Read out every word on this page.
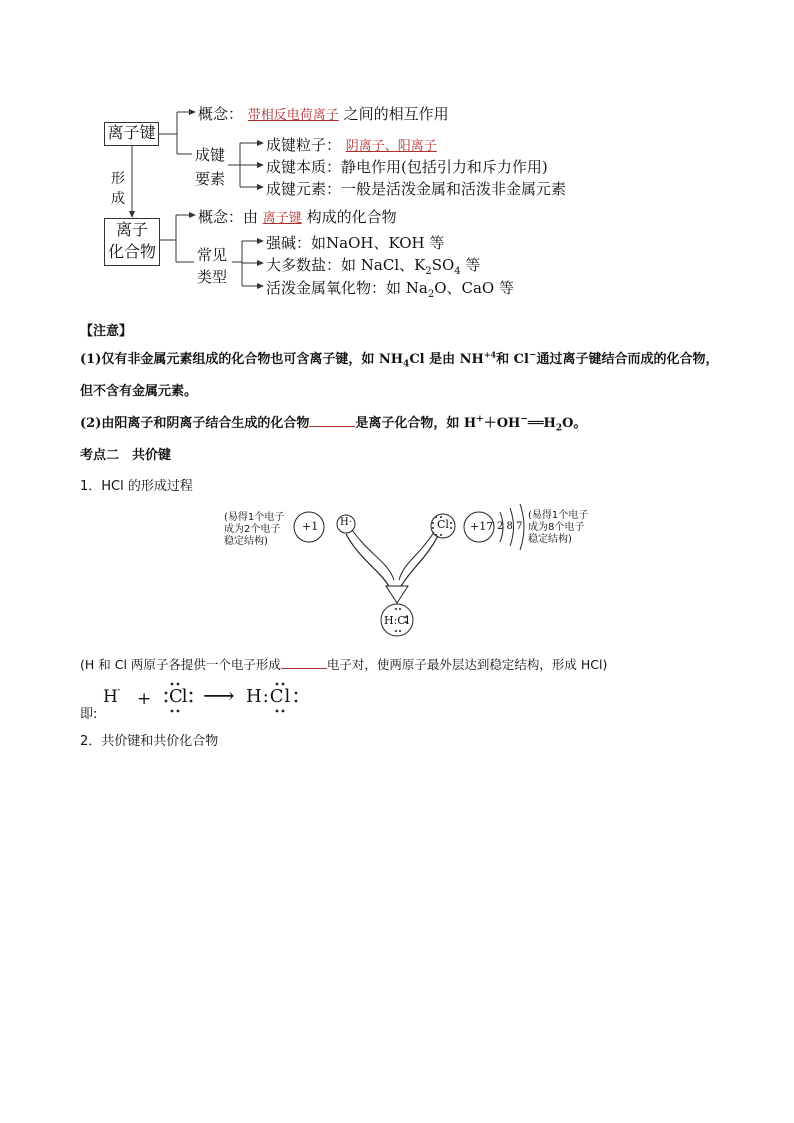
离子键
形
成
离子
化合物
概念： 带相反电荷离子 之间的相互作用
成键
要素
成键粒子： 阴离子、阳离子
成键本质：静电作用(包括引力和斥力作用)
成键元素：一般是活泼金属和活泼非金属元素
概念：由 离子键 构成的化合物
常见
类型
强碱：如NaOH、KOH 等
大多数盐：如 NaCl、$K_2SO_4$ 等
活泼金属氧化物：如 $Na_2O$、CaO 等
【注意】
(1)仅有非金属元素组成的化合物也可含离子键，如 $NH_4Cl$ 是由 $NH^{+4}$和 Cl−通过离子键结合而成的化合物，
但不含有金属元素。
(2)由阳离子和阴离子结合生成的化合物	是离子化合物，如 $H^++OH^-══H_2O$。
考点二　共价键
1．HCl 的形成过程
(易得1个电子
成为2个电子
稳定结构)
+1 H·	Cl +17 2 8 7
(易得1个电子
成为8个电子
稳定结构)
H:Cl
(H 和 Cl 两原子各提供一个电子形成	电子对，使两原子最外层达到稳定结构，形成 HCl)
即:
H · + Cl ⟶ H:Cl
2．共价键和共价化合物
